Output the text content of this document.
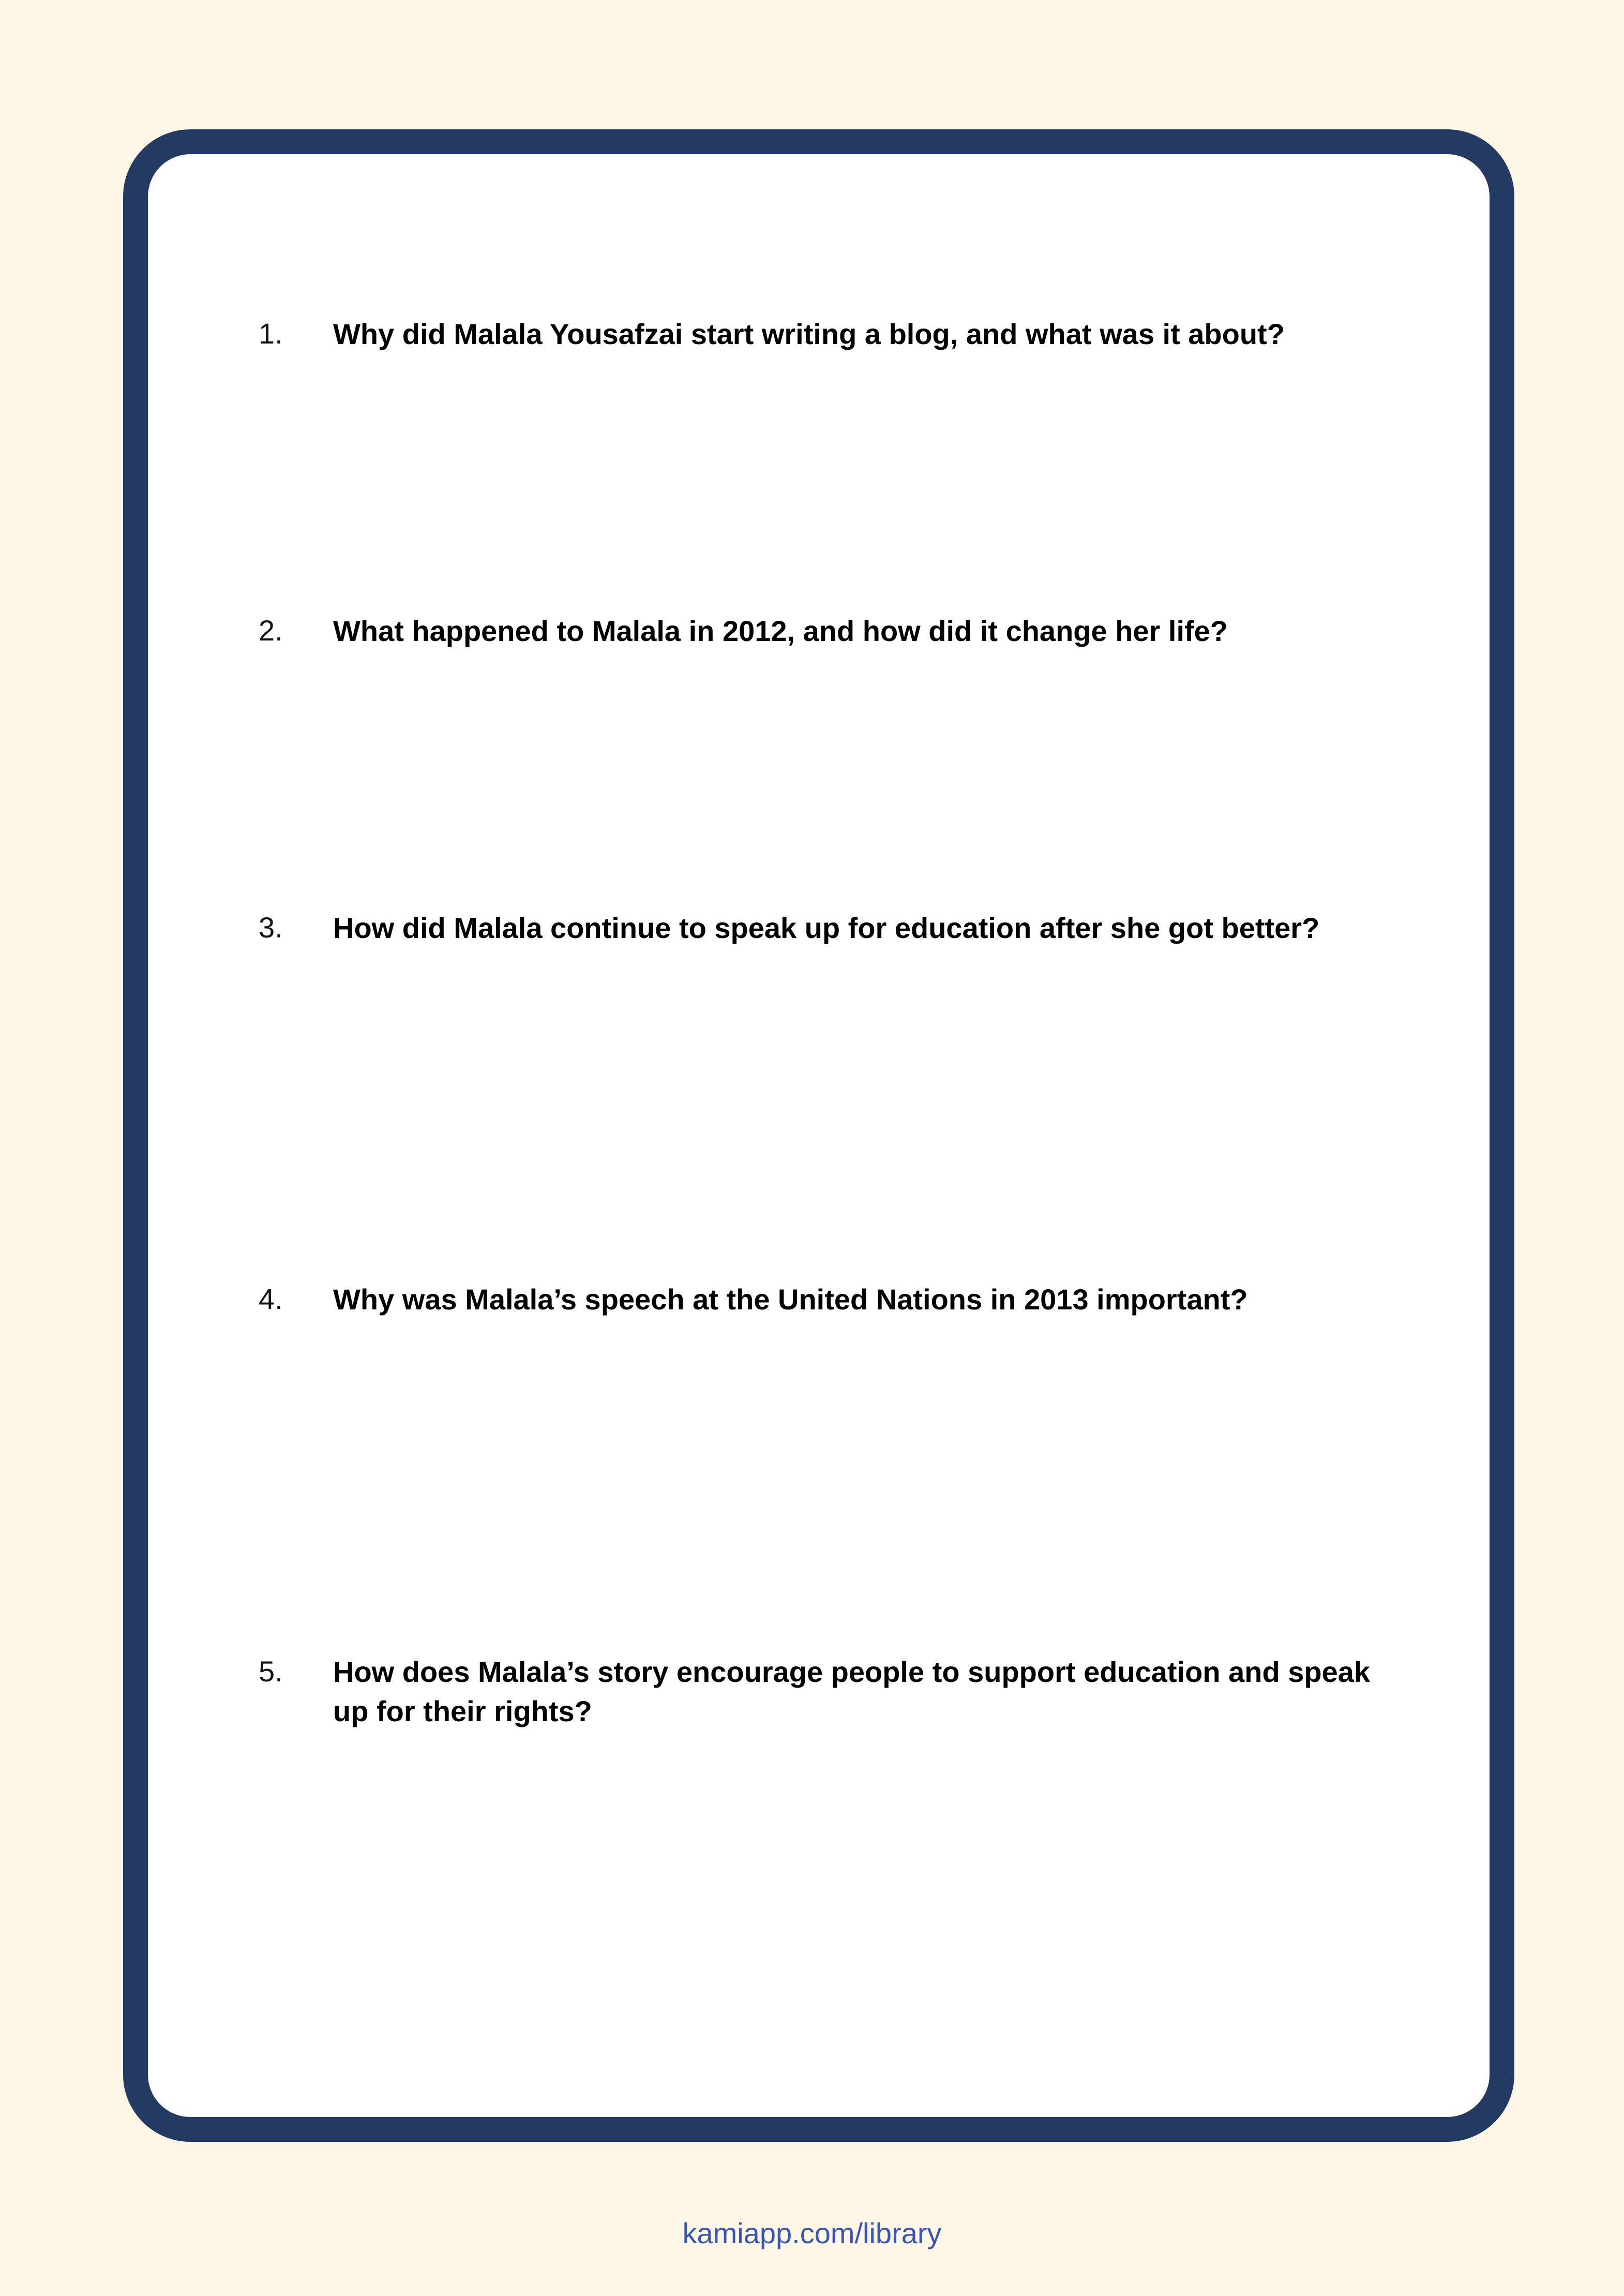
1.	Why did Malala Yousafzai start writing a blog, and what was it about?
2.	What happened to Malala in 2012, and how did it change her life?
3.	How did Malala continue to speak up for education after she got better?
4.	Why was Malala’s speech at the United Nations in 2013 important?
5.	How does Malala’s story encourage people to support education and speak up for their rights?
kamiapp.com/library
